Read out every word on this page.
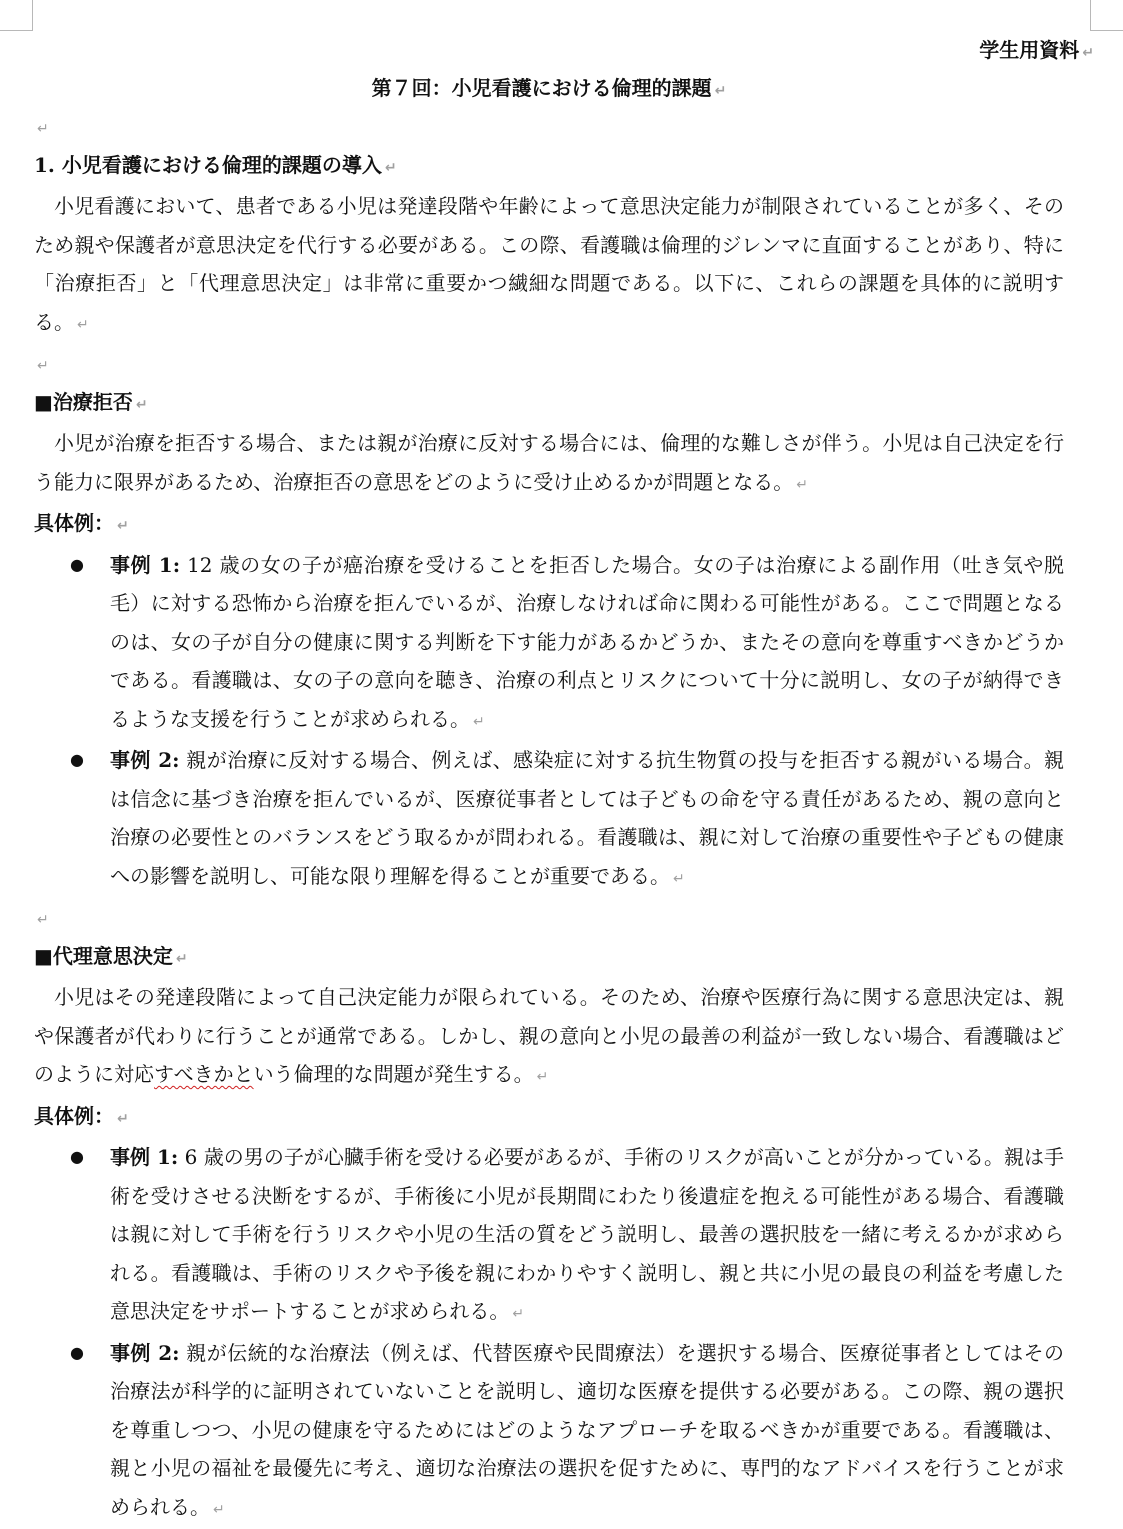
学生用資料 ↵
第７回：小児看護における倫理的課題 ↵
↵
1. 小児看護における倫理的課題の導入 ↵
小児看護において、患者である小児は発達段階や年齢によって意思決定能力が制限されていることが多く、そのため親や保護者が意思決定を代行する必要がある。この際、看護職は倫理的ジレンマに直面することがあり、特に「治療拒否」と「代理意思決定」は非常に重要かつ繊細な問題である。以下に、これらの課題を具体的に説明する。 ↵
↵
■治療拒否 ↵
小児が治療を拒否する場合、または親が治療に反対する場合には、倫理的な難しさが伴う。小児は自己決定を行う能力に限界があるため、治療拒否の意思をどのように受け止めるかが問題となる。 ↵
具体例： ↵
● 事例 1: 12 歳の女の子が癌治療を受けることを拒否した場合。女の子は治療による副作用（吐き気や脱毛）に対する恐怖から治療を拒んでいるが、治療しなければ命に関わる可能性がある。ここで問題となるのは、女の子が自分の健康に関する判断を下す能力があるかどうか、またその意向を尊重すべきかどうかである。看護職は、女の子の意向を聴き、治療の利点とリスクについて十分に説明し、女の子が納得できるような支援を行うことが求められる。 ↵
● 事例 2: 親が治療に反対する場合、例えば、感染症に対する抗生物質の投与を拒否する親がいる場合。親は信念に基づき治療を拒んでいるが、医療従事者としては子どもの命を守る責任があるため、親の意向と治療の必要性とのバランスをどう取るかが問われる。看護職は、親に対して治療の重要性や子どもの健康への影響を説明し、可能な限り理解を得ることが重要である。 ↵
↵
■代理意思決定 ↵
小児はその発達段階によって自己決定能力が限られている。そのため、治療や医療行為に関する意思決定は、親や保護者が代わりに行うことが通常である。しかし、親の意向と小児の最善の利益が一致しない場合、看護職はどのように対応すべきかという倫理的な問題が発生する。 ↵
具体例： ↵
● 事例 1: 6 歳の男の子が心臓手術を受ける必要があるが、手術のリスクが高いことが分かっている。親は手術を受けさせる決断をするが、手術後に小児が長期間にわたり後遺症を抱える可能性がある場合、看護職は親に対して手術を行うリスクや小児の生活の質をどう説明し、最善の選択肢を一緒に考えるかが求められる。看護職は、手術のリスクや予後を親にわかりやすく説明し、親と共に小児の最良の利益を考慮した意思決定をサポートすることが求められる。 ↵
● 事例 2: 親が伝統的な治療法（例えば、代替医療や民間療法）を選択する場合、医療従事者としてはその治療法が科学的に証明されていないことを説明し、適切な医療を提供する必要がある。この際、親の選択を尊重しつつ、小児の健康を守るためにはどのようなアプローチを取るべきかが重要である。看護職は、親と小児の福祉を最優先に考え、適切な治療法の選択を促すために、専門的なアドバイスを行うことが求められる。 ↵
